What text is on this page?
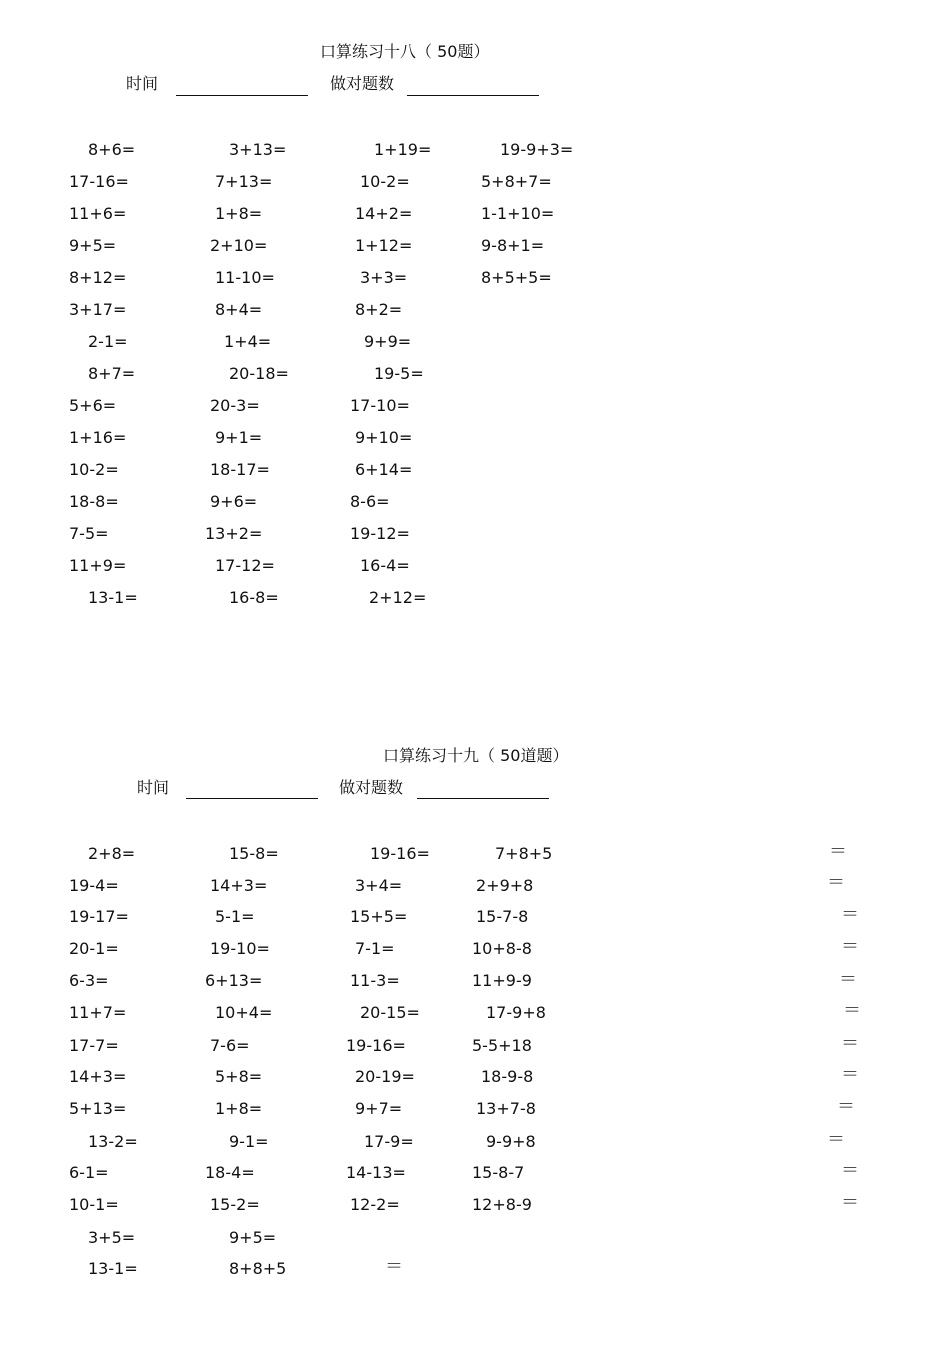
口算练习十八（ 50题）
时间	做对题数
8+6=	3+13=	1+19=	19-9+3=
17-16=	7+13=	10-2=	5+8+7=
11+6=	1+8=	14+2=	1-1+10=
9+5=	2+10=	1+12=	9-8+1=
8+12=	11-10=	3+3=	8+5+5=
3+17=	8+4=	8+2=
2-1=	1+4=	9+9=
8+7=	20-18=	19-5=
5+6=	20-3=	17-10=
1+16=	9+1=	9+10=
10-2=	18-17=	6+14=
18-8=	9+6=	8-6=
7-5=	13+2=	19-12=
11+9=	17-12=	16-4=
13-1=	16-8=	2+12=
口算练习十九（ 50道题）
时间	做对题数
2+8=	15-8=	19-16=	7+8+5	＝
19-4=	14+3=	3+4=	2+9+8	＝
19-17=	5-1=	15+5=	15-7-8	＝
20-1=	19-10=	7-1=	10+8-8	＝
6-3=	6+13=	11-3=	11+9-9	＝
11+7=	10+4=	20-15=	17-9+8	＝
17-7=	7-6=	19-16=	5-5+18	＝
14+3=	5+8=	20-19=	18-9-8	＝
5+13=	1+8=	9+7=	13+7-8	＝
13-2=	9-1=	17-9=	9-9+8	＝
6-1=	18-4=	14-13=	15-8-7	＝
10-1=	15-2=	12-2=	12+8-9	＝
3+5=	9+5=
13-1=	8+8+5	＝
